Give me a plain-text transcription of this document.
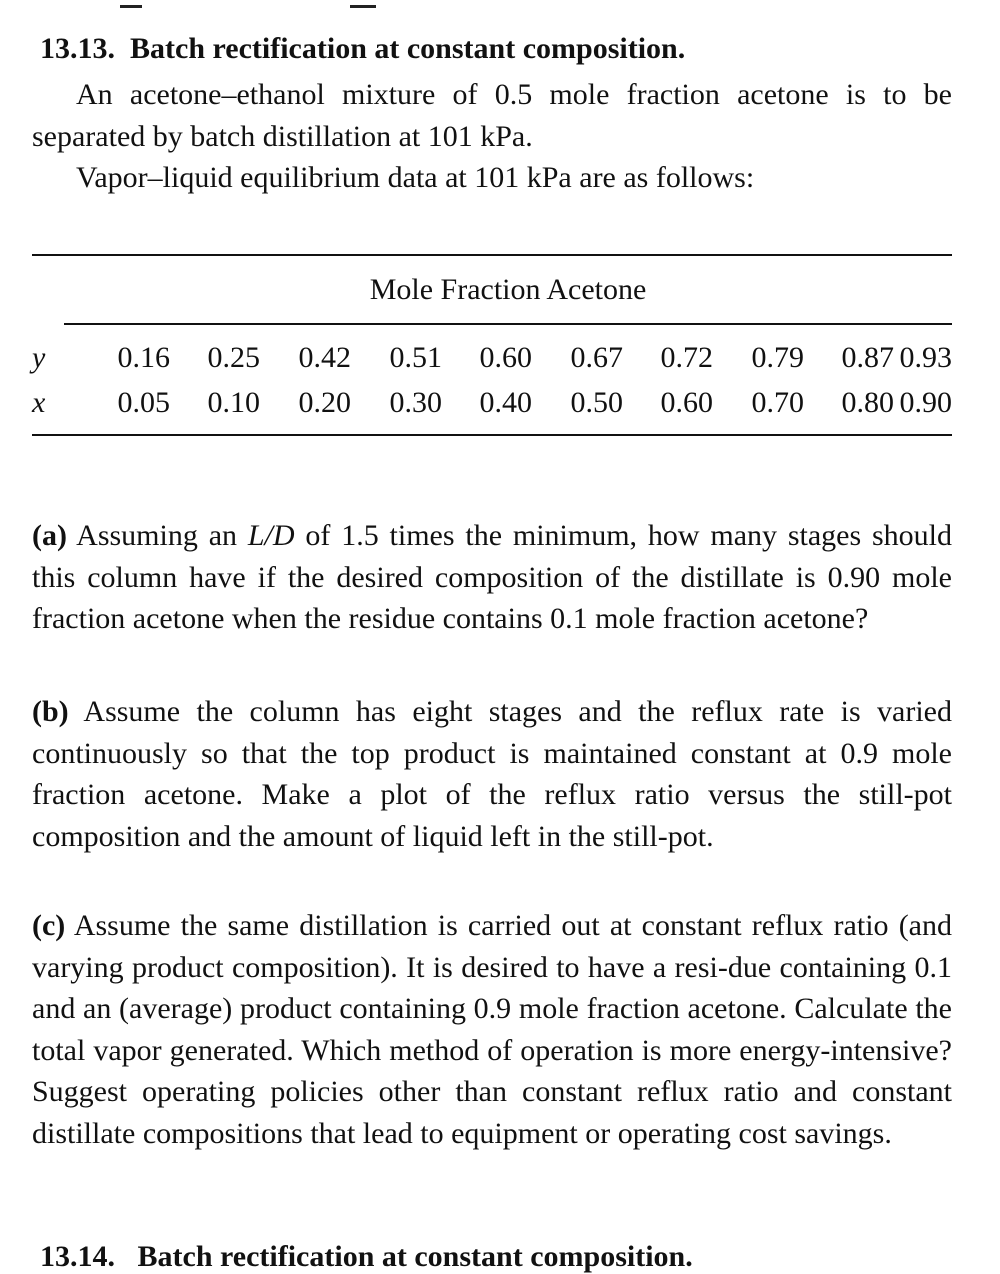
13.13. Batch rectification at constant composition.
An acetone–ethanol mixture of 0.5 mole fraction acetone is to be separated by batch distillation at 101 kPa.
Vapor–liquid equilibrium data at 101 kPa are as follows:
Mole Fraction Acetone
y	0.16	0.25	0.42	0.51	0.60	0.67	0.72	0.79	0.87 0.93
x	0.05	0.10	0.20	0.30	0.40	0.50	0.60	0.70	0.80 0.90
(a) Assuming an L/D of 1.5 times the minimum, how many stages should this column have if the desired composition of the distillate is 0.90 mole fraction acetone when the residue contains 0.1 mole fraction acetone?
(b) Assume the column has eight stages and the reflux rate is varied continuously so that the top product is maintained constant at 0.9 mole fraction acetone. Make a plot of the reflux ratio versus the still-pot composition and the amount of liquid left in the still-pot.
(c) Assume the same distillation is carried out at constant reflux ratio (and varying product composition). It is desired to have a resi-due containing 0.1 and an (average) product containing 0.9 mole fraction acetone. Calculate the total vapor generated. Which method of operation is more energy-intensive? Suggest operating policies other than constant reflux ratio and constant distillate compositions that lead to equipment or operating cost savings.
13.14. Batch rectification at constant composition.
